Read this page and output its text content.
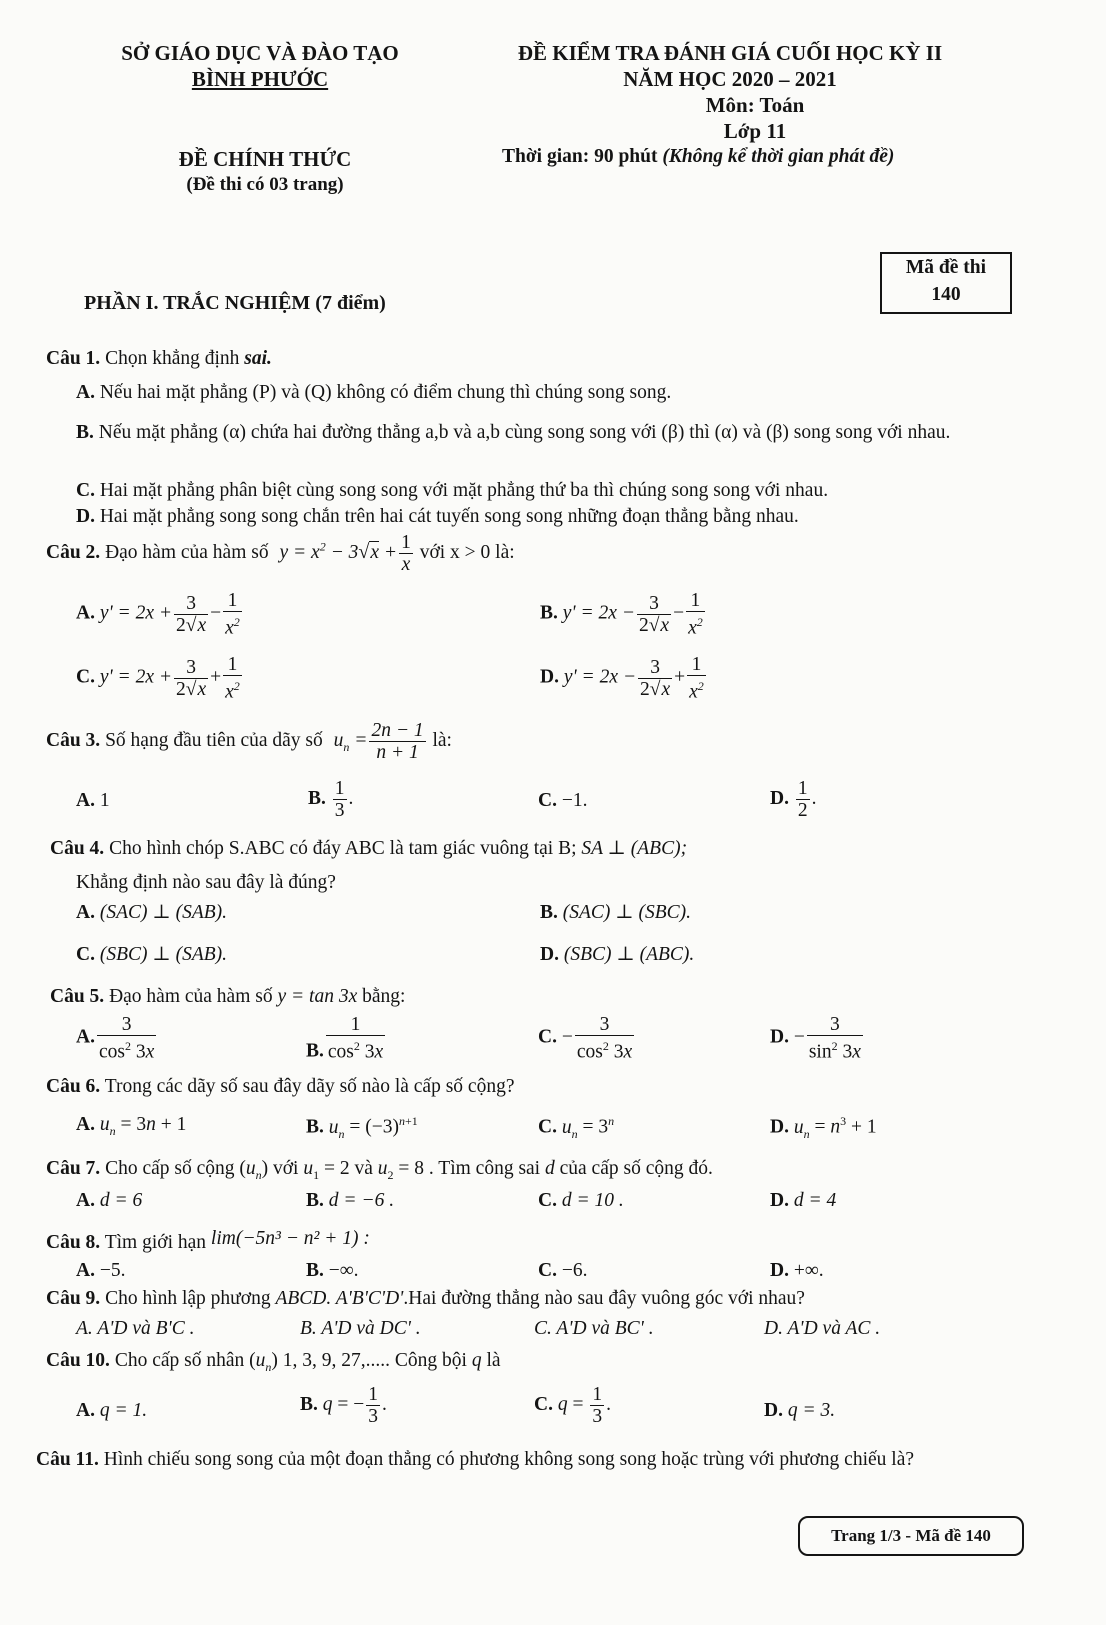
SỞ GIÁO DỤC VÀ ĐÀO TẠO
BÌNH PHƯỚC
ĐỀ KIỂM TRA ĐÁNH GIÁ CUỐI HỌC KỲ II
NĂM HỌC 2020 – 2021
Môn: Toán
Lớp 11
ĐỀ CHÍNH THỨC
(Đề thi có 03 trang)
Thời gian: 90 phút (Không kể thời gian phát đề)
Mã đề thi
140
PHẦN I. TRẮC NGHIỆM (7 điểm)
Câu 1. Chọn khẳng định sai.
A. Nếu hai mặt phẳng (P) và (Q) không có điểm chung thì chúng song song.
B. Nếu mặt phẳng (α) chứa hai đường thẳng a,b và a,b cùng song song với (β) thì (α) và (β) song song với nhau.
C. Hai mặt phẳng phân biệt cùng song song với mặt phẳng thứ ba thì chúng song song với nhau.
D. Hai mặt phẳng song song chắn trên hai cát tuyến song song những đoạn thẳng bằng nhau.
Câu 2. Đạo hàm của hàm số $y = x^2 - 3√x + \frac{1}{x}$ với x > 0 là:
A. $y' = 2x + \frac{3}{2√x} - \frac{1}{x^2}$	B. $y' = 2x - \frac{3}{2√x} - \frac{1}{x^2}$
C. $y' = 2x + \frac{3}{2√x} + \frac{1}{x^2}$	D. $y' = 2x - \frac{3}{2√x} + \frac{1}{x^2}$
Câu 3. Số hạng đầu tiên của dãy số $u_n = \frac{2n - 1}{n + 1}$ là:
A. 1	B. $\frac{1}{3}$ .	C. −1.	D. $\frac{1}{2}$ .
Câu 4. Cho hình chóp S.ABC có đáy ABC là tam giác vuông tại B; SA ⊥ (ABC);
Khẳng định nào sau đây là đúng?
A. (SAC) ⊥ (SAB).	B. (SAC) ⊥ (SBC).
C. (SBC) ⊥ (SAB).	D. (SBC) ⊥ (ABC).
Câu 5. Đạo hàm của hàm số y = tan 3x bằng:
A. $\frac{3}{\cos^2 3x}$	B. $\frac{1}{\cos^2 3x}$	C. − $\frac{3}{\cos^2 3x}$	D. − $\frac{3}{\sin^2 3x}$
Câu 6. Trong các dãy số sau đây dãy số nào là cấp số cộng?
A. $u_n = 3n + 1$	B. $u_n = (-3)^{n+1}$	C. $u_n = 3^n$	D. $u_n = n^3 + 1$
Câu 7. Cho cấp số cộng $(u_n)$ với $u_1 = 2$ và $u_2 = 8$ . Tìm công sai d của cấp số cộng đó.
A. d = 6	B. d = −6 .	C. d = 10 .	D. d = 4
Câu 8. Tìm giới hạn lim(−5n³ − n² + 1) :
A. −5.	B. −∞.	C. −6.	D. +∞.
Câu 9. Cho hình lập phương ABCD. A'B'C'D'.Hai đường thẳng nào sau đây vuông góc với nhau?
A. A'D và B'C .	B. A'D và DC' .	C. A'D và BC' .	D. A'D và AC .
Câu 10. Cho cấp số nhân $(u_n)$ 1, 3, 9, 27,..... Công bội q là
A. q = 1.	B. q = − $\frac{1}{3}$ .	C. $q = \frac{1}{3}$ .	D. q = 3.
Câu 11. Hình chiếu song song của một đoạn thẳng có phương không song song hoặc trùng với phương chiếu là?
Trang 1/3 - Mã đề 140
